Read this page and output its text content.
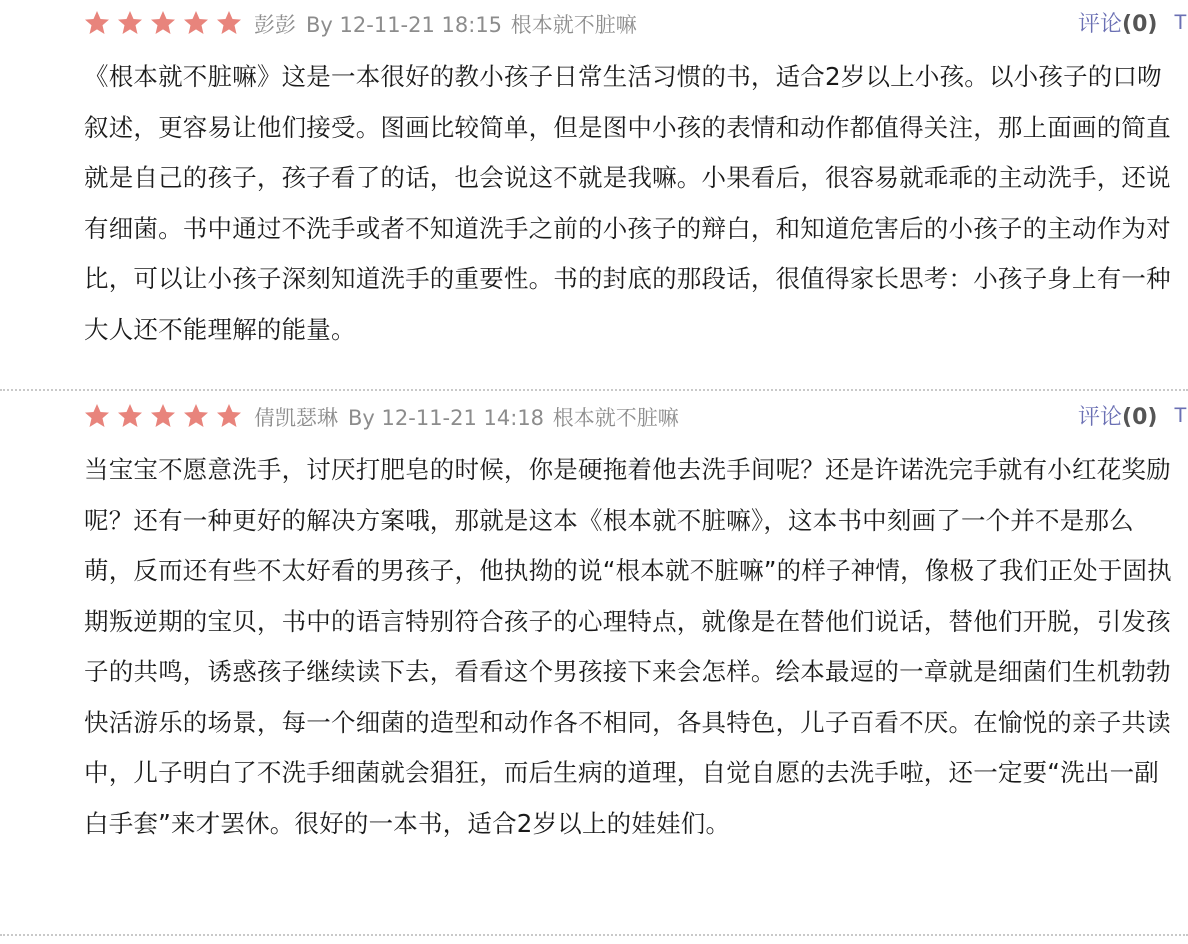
彭彭 By 12-11-21 18:15 根本就不脏嘛	评论(0) T
《根本就不脏嘛》这是一本很好的教小孩子日常生活习惯的书，适合2岁以上小孩。以小孩子的口吻叙述，更容易让他们接受。图画比较简单，但是图中小孩的表情和动作都值得关注，那上面画的简直就是自己的孩子，孩子看了的话，也会说这不就是我嘛。小果看后，很容易就乖乖的主动洗手，还说有细菌。书中通过不洗手或者不知道洗手之前的小孩子的辩白，和知道危害后的小孩子的主动作为对比，可以让小孩子深刻知道洗手的重要性。书的封底的那段话，很值得家长思考：小孩子身上有一种大人还不能理解的能量。
倩凯瑟琳 By 12-11-21 14:18 根本就不脏嘛	评论(0) T
当宝宝不愿意洗手，讨厌打肥皂的时候，你是硬拖着他去洗手间呢？还是许诺洗完手就有小红花奖励呢？还有一种更好的解决方案哦，那就是这本《根本就不脏嘛》，这本书中刻画了一个并不是那么萌，反而还有些不太好看的男孩子，他执拗的说“根本就不脏嘛”的样子神情，像极了我们正处于固执期叛逆期的宝贝，书中的语言特别符合孩子的心理特点，就像是在替他们说话，替他们开脱，引发孩子的共鸣，诱惑孩子继续读下去，看看这个男孩接下来会怎样。绘本最逗的一章就是细菌们生机勃勃快活游乐的场景，每一个细菌的造型和动作各不相同，各具特色，儿子百看不厌。在愉悦的亲子共读中，儿子明白了不洗手细菌就会猖狂，而后生病的道理，自觉自愿的去洗手啦，还一定要“洗出一副白手套”来才罢休。很好的一本书，适合2岁以上的娃娃们。
